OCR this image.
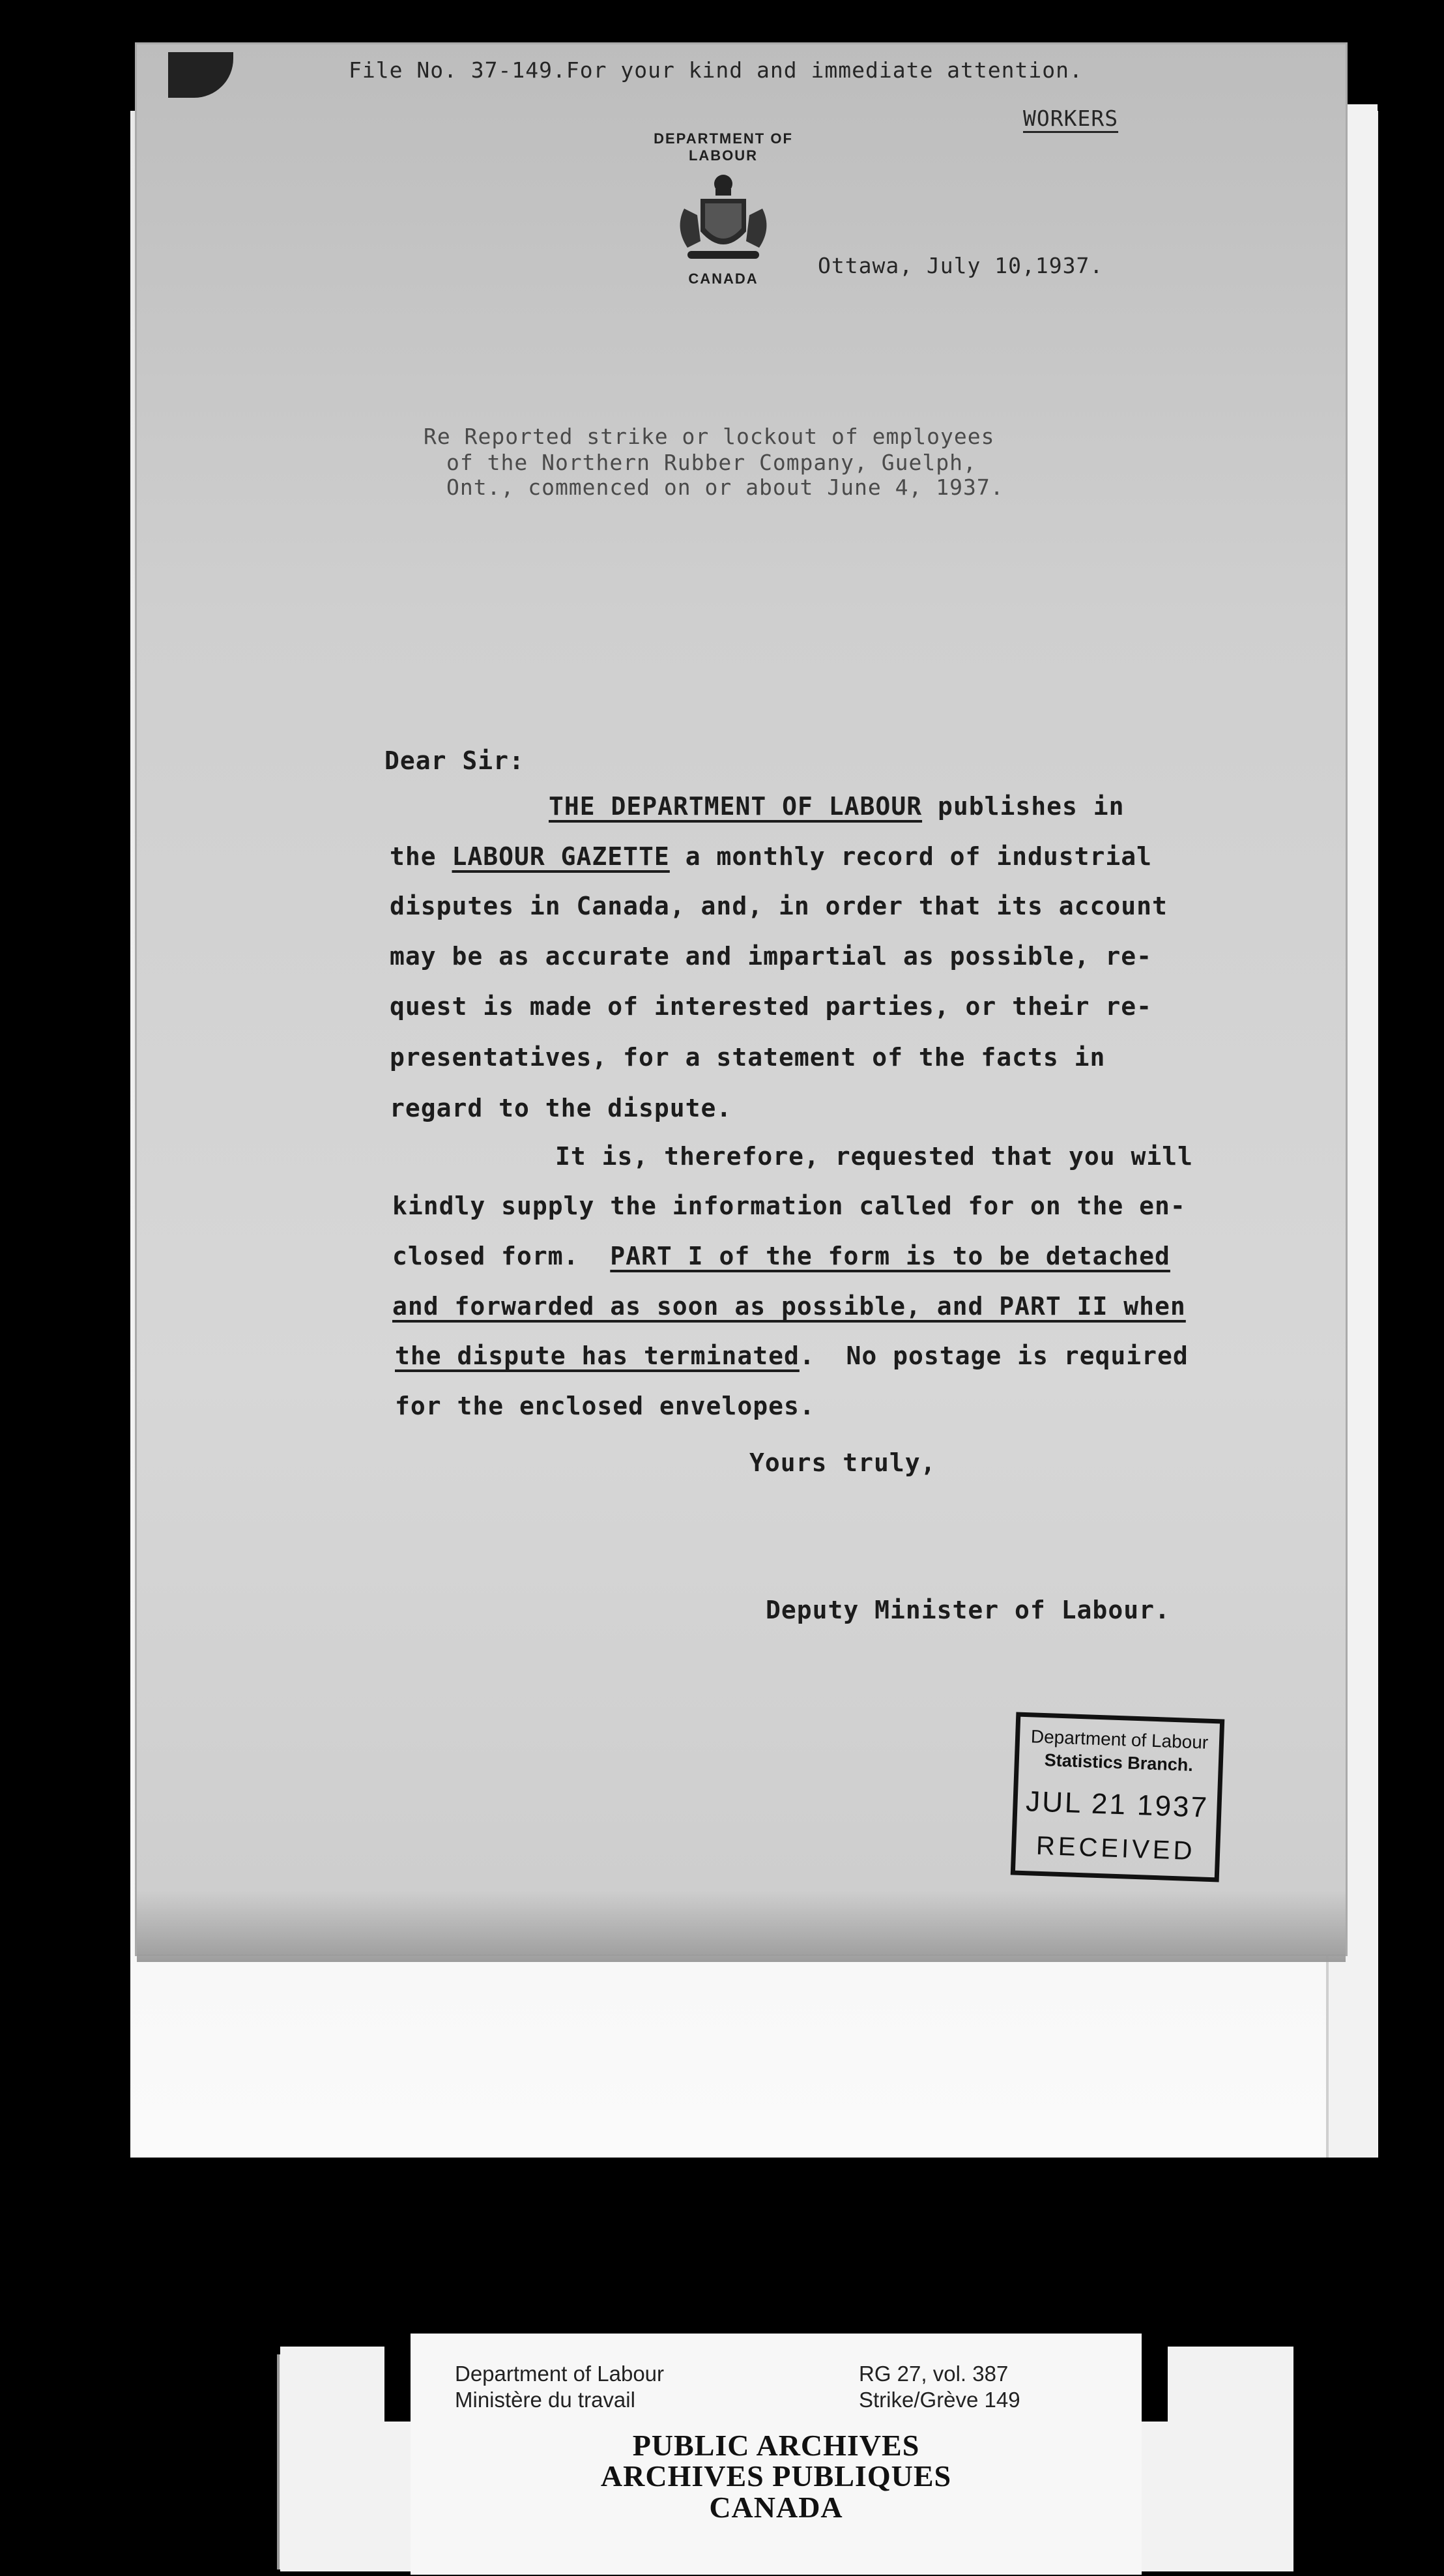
File No. 37-149.For your kind and immediate attention.
WORKERS
DEPARTMENT OF LABOUR
CANADA
Ottawa, July 10,1937.
Re Reported strike or lockout of employees
of the Northern Rubber Company, Guelph,
Ont., commenced on or about June 4, 1937.
Dear Sir:
THE DEPARTMENT OF LABOUR publishes in
the LABOUR GAZETTE a monthly record of industrial
disputes in Canada, and, in order that its account
may be as accurate and impartial as possible, re-
quest is made of interested parties, or their re-
presentatives, for a statement of the facts in
regard to the dispute.
It is, therefore, requested that you will
kindly supply the information called for on the en-
closed form.  PART I of the form is to be detached
and forwarded as soon as possible, and PART II when
the dispute has terminated.  No postage is required
for the enclosed envelopes.
Yours truly,
Deputy Minister of Labour.
Department of Labour
Statistics Branch.
JUL 21 1937
RECEIVED
Department of Labour
Ministère du travail
RG 27, vol. 387
Strike/Grève 149
PUBLIC ARCHIVES
ARCHIVES PUBLIQUES
CANADA
